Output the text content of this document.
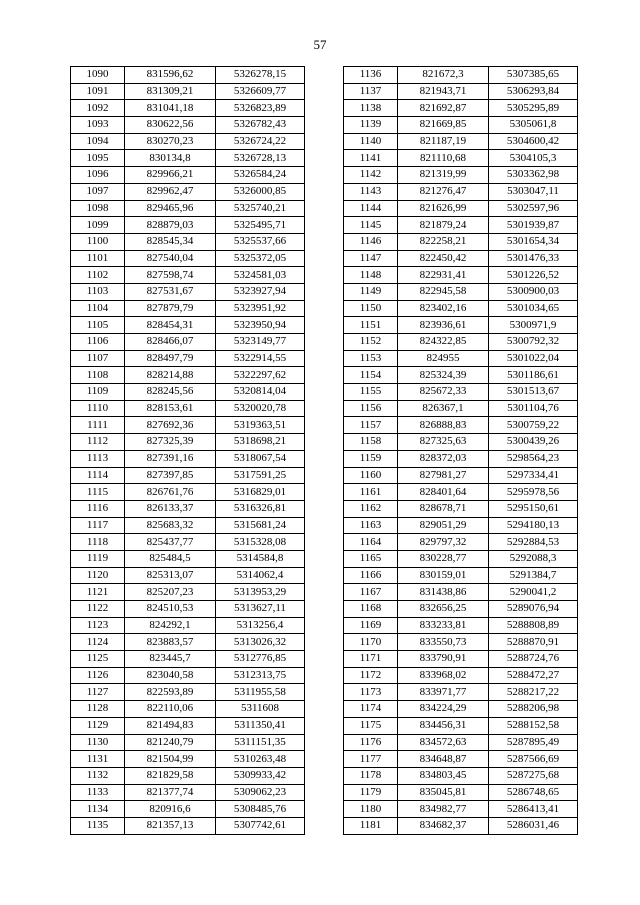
57
1090	831596,62	5326278,15
1091	831309,21	5326609,77
1092	831041,18	5326823,89
1093	830622,56	5326782,43
1094	830270,23	5326724,22
1095	830134,8	5326728,13
1096	829966,21	5326584,24
1097	829962,47	5326000,85
1098	829465,96	5325740,21
1099	828879,03	5325495,71
1100	828545,34	5325537,66
1101	827540,04	5325372,05
1102	827598,74	5324581,03
1103	827531,67	5323927,94
1104	827879,79	5323951,92
1105	828454,31	5323950,94
1106	828466,07	5323149,77
1107	828497,79	5322914,55
1108	828214,88	5322297,62
1109	828245,56	5320814,04
1110	828153,61	5320020,78
1111	827692,36	5319363,51
1112	827325,39	5318698,21
1113	827391,16	5318067,54
1114	827397,85	5317591,25
1115	826761,76	5316829,01
1116	826133,37	5316326,81
1117	825683,32	5315681,24
1118	825437,77	5315328,08
1119	825484,5	5314584,8
1120	825313,07	5314062,4
1121	825207,23	5313953,29
1122	824510,53	5313627,11
1123	824292,1	5313256,4
1124	823883,57	5313026,32
1125	823445,7	5312776,85
1126	823040,58	5312313,75
1127	822593,89	5311955,58
1128	822110,06	5311608
1129	821494,83	5311350,41
1130	821240,79	5311151,35
1131	821504,99	5310263,48
1132	821829,58	5309933,42
1133	821377,74	5309062,23
1134	820916,6	5308485,76
1135	821357,13	5307742,61
1136	821672,3	5307385,65
1137	821943,71	5306293,84
1138	821692,87	5305295,89
1139	821669,85	5305061,8
1140	821187,19	5304600,42
1141	821110,68	5304105,3
1142	821319,99	5303362,98
1143	821276,47	5303047,11
1144	821626,99	5302597,96
1145	821879,24	5301939,87
1146	822258,21	5301654,34
1147	822450,42	5301476,33
1148	822931,41	5301226,52
1149	822945,58	5300900,03
1150	823402,16	5301034,65
1151	823936,61	5300971,9
1152	824322,85	5300792,32
1153	824955	5301022,04
1154	825324,39	5301186,61
1155	825672,33	5301513,67
1156	826367,1	5301104,76
1157	826888,83	5300759,22
1158	827325,63	5300439,26
1159	828372,03	5298564,23
1160	827981,27	5297334,41
1161	828401,64	5295978,56
1162	828678,71	5295150,61
1163	829051,29	5294180,13
1164	829797,32	5292884,53
1165	830228,77	5292088,3
1166	830159,01	5291384,7
1167	831438,86	5290041,2
1168	832656,25	5289076,94
1169	833233,81	5288808,89
1170	833550,73	5288870,91
1171	833790,91	5288724,76
1172	833968,02	5288472,27
1173	833971,77	5288217,22
1174	834224,29	5288206,98
1175	834456,31	5288152,58
1176	834572,63	5287895,49
1177	834648,87	5287566,69
1178	834803,45	5287275,68
1179	835045,81	5286748,65
1180	834982,77	5286413,41
1181	834682,37	5286031,46
